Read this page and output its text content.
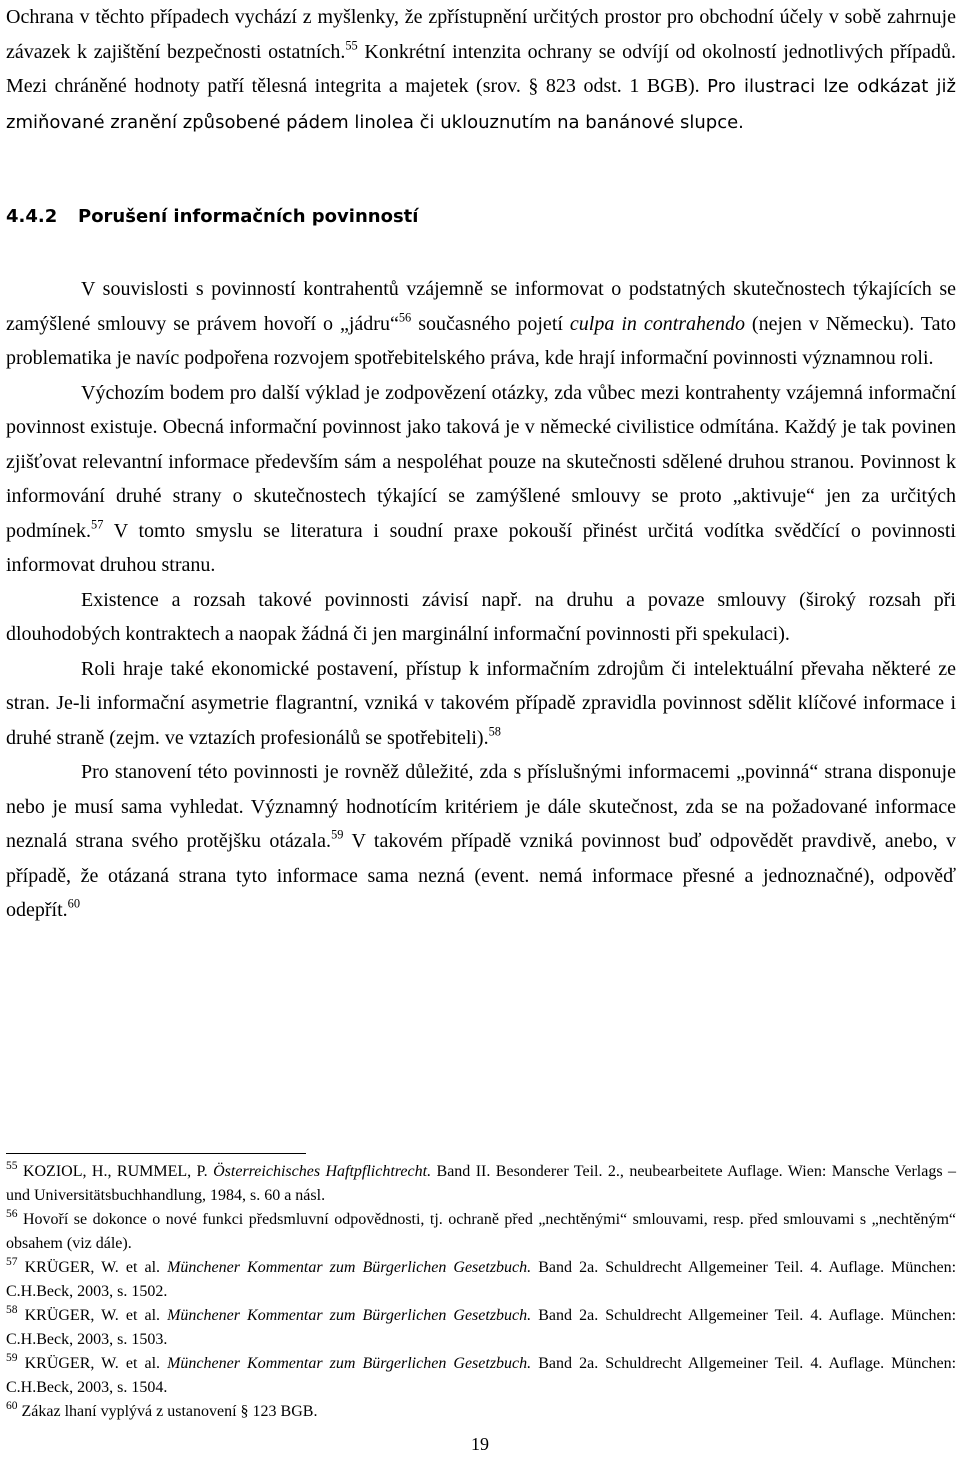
Ochrana v těchto případech vychází z myšlenky, že zpřístupnění určitých prostor pro obchodní účely v sobě zahrnuje závazek k zajištění bezpečnosti ostatních.$^{55}$ Konkrétní intenzita ochrany se odvíjí od okolností jednotlivých případů. Mezi chráněné hodnoty patří tělesná integrita a majetek (srov. § 823 odst. 1 BGB). Pro ilustraci lze odkázat již zmiňované zranění způsobené pádem linolea či uklouznutím na banánové slupce.

4.4.2 Porušení informačních povinností

V souvislosti s povinností kontrahentů vzájemně se informovat o podstatných skutečnostech týkajících se zamýšlené smlouvy se právem hovoří o „jádru“$^{56}$ současného pojetí culpa in contrahendo (nejen v Německu). Tato problematika je navíc podpořena rozvojem spotřebitelského práva, kde hrají informační povinnosti významnou roli.

Výchozím bodem pro další výklad je zodpovězení otázky, zda vůbec mezi kontrahenty vzájemná informační povinnost existuje. Obecná informační povinnost jako taková je v německé civilistice odmítána. Každý je tak povinen zjišťovat relevantní informace především sám a nespoléhat pouze na skutečnosti sdělené druhou stranou. Povinnost k informování druhé strany o skutečnostech týkající se zamýšlené smlouvy se proto „aktivuje“ jen za určitých podmínek.$^{57}$ V tomto smyslu se literatura i soudní praxe pokouší přinést určitá vodítka svědčící o povinnosti informovat druhou stranu.

Existence a rozsah takové povinnosti závisí např. na druhu a povaze smlouvy (široký rozsah při dlouhodobých kontraktech a naopak žádná či jen marginální informační povinnosti při spekulaci).

Roli hraje také ekonomické postavení, přístup k informačním zdrojům či intelektuální převaha některé ze stran. Je-li informační asymetrie flagrantní, vzniká v takovém případě zpravidla povinnost sdělit klíčové informace i druhé straně (zejm. ve vztazích profesionálů se spotřebiteli).$^{58}$

Pro stanovení této povinnosti je rovněž důležité, zda s příslušnými informacemi „povinná“ strana disponuje nebo je musí sama vyhledat. Významný hodnotícím kritériem je dále skutečnost, zda se na požadované informace neznalá strana svého protějšku otázala.$^{59}$ V takovém případě vzniká povinnost buď odpovědět pravdivě, anebo, v případě, že otázaná strana tyto informace sama nezná (event. nemá informace přesné a jednoznačné), odpověď odepřít.$^{60}$

$^{55}$ KOZIOL, H., RUMMEL, P. Österreichisches Haftpflichtrecht. Band II. Besonderer Teil. 2., neubearbeitete Auflage. Wien: Mansche Verlags – und Universitätsbuchhandlung, 1984, s. 60 a násl.

$^{56}$ Hovoří se dokonce o nové funkci předsmluvní odpovědnosti, tj. ochraně před „nechtěnými“ smlouvami, resp. před smlouvami s „nechtěným“ obsahem (viz dále).

$^{57}$ KRÜGER, W. et al. Münchener Kommentar zum Bürgerlichen Gesetzbuch. Band 2a. Schuldrecht Allgemeiner Teil. 4. Auflage. München: C.H.Beck, 2003, s. 1502.

$^{58}$ KRÜGER, W. et al. Münchener Kommentar zum Bürgerlichen Gesetzbuch. Band 2a. Schuldrecht Allgemeiner Teil. 4. Auflage. München: C.H.Beck, 2003, s. 1503.

$^{59}$ KRÜGER, W. et al. Münchener Kommentar zum Bürgerlichen Gesetzbuch. Band 2a. Schuldrecht Allgemeiner Teil. 4. Auflage. München: C.H.Beck, 2003, s. 1504.

$^{60}$ Zákaz lhaní vyplývá z ustanovení § 123 BGB.

19
